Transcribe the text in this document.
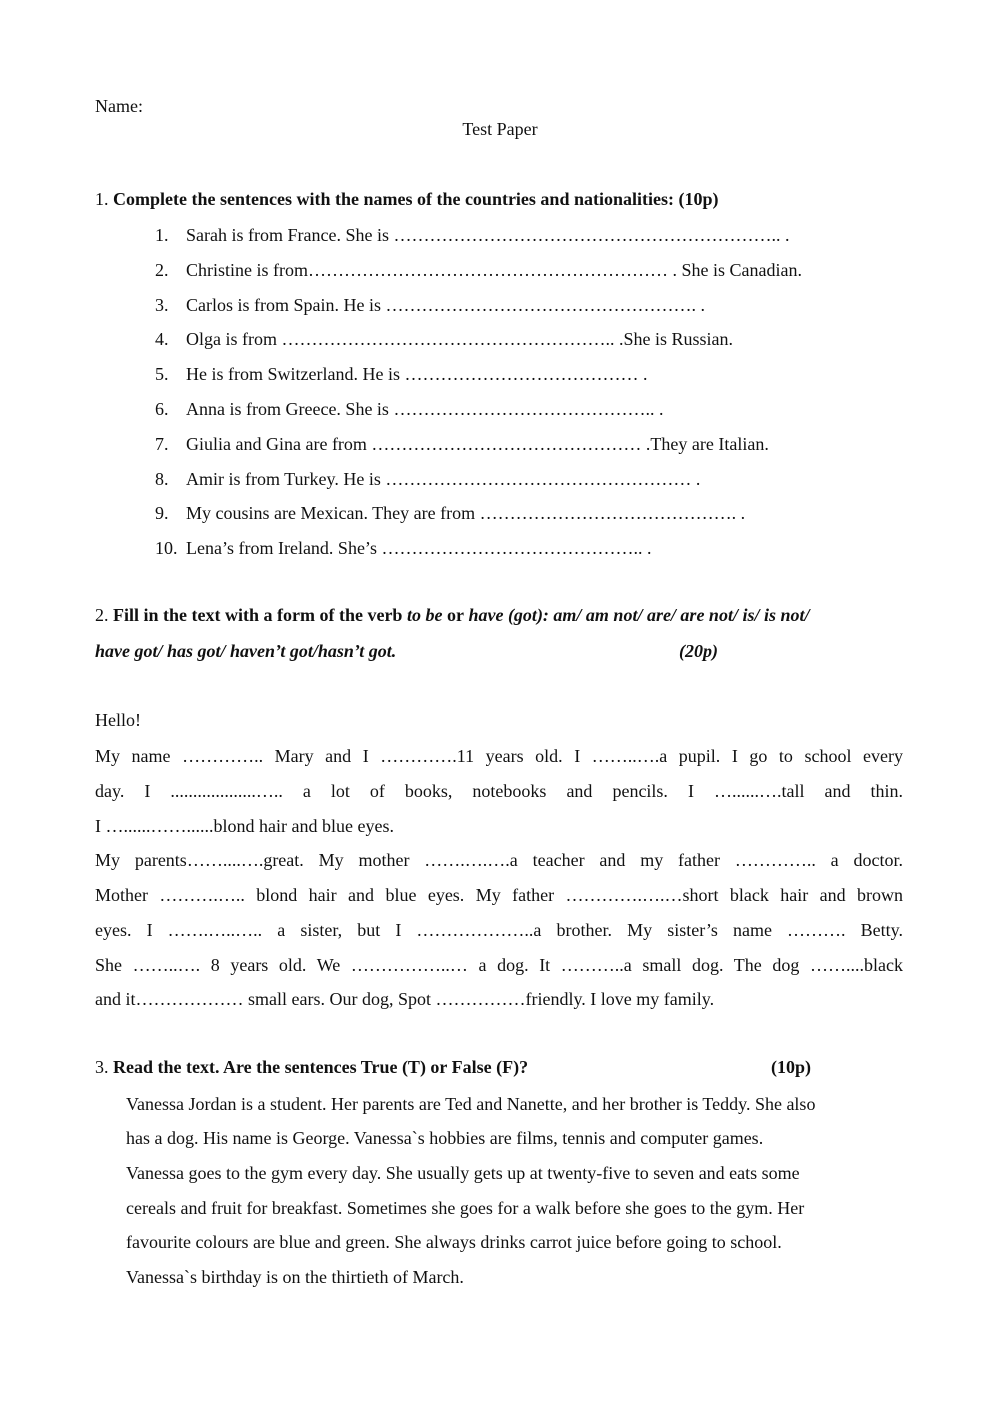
Name:
Test Paper
1. Complete the sentences with the names of the countries and nationalities: (10p)
1. Sarah is from France. She is ……………………………………………………….. .
2. Christine is from…………………………………………………… . She is Canadian.
3. Carlos is from Spain. He is ……………………………………………. .
4. Olga is from ……………………………………………….. .She is Russian.
5. He is from Switzerland. He is ………………………………… .
6. Anna is from Greece. She is …………………………………….. .
7. Giulia and Gina are from ……………………………………… .They are Italian.
8. Amir is from Turkey. He is …………………………………………… .
9. My cousins are Mexican. They are from ……………………………………. .
10. Lena’s from Ireland. She’s …………………………………….. .
2. Fill in the text with a form of the verb to be or have (got): am/ am not/ are/ are not/ is/ is not/
have got/ has got/ haven’t got/hasn’t got.	(20p)
Hello!
My name ………….. Mary and I ………….11 years old. I ……..….a pupil. I go to school every
day. I ...................….. a lot of books, notebooks and pencils. I …......….tall and thin.
I …......……......blond hair and blue eyes.
My parents……....….great. My mother …….….….a teacher and my father ………….. a doctor.
Mother ……….….. blond hair and blue eyes. My father ………….….…short black hair and brown
eyes. I …….…..….. a sister, but I ………………..a brother. My sister’s name ………. Betty.
She ……..…. 8 years old. We ……………..… a dog. It ………..a small dog. The dog ……....black
and it……………… small ears. Our dog, Spot ……………friendly. I love my family.
3. Read the text. Are the sentences True (T) or False (F)?	(10p)
Vanessa Jordan is a student. Her parents are Ted and Nanette, and her brother is Teddy. She also
has a dog. His name is George. Vanessa`s hobbies are films, tennis and computer games.
Vanessa goes to the gym every day. She usually gets up at twenty-five to seven and eats some
cereals and fruit for breakfast. Sometimes she goes for a walk before she goes to the gym. Her
favourite colours are blue and green. She always drinks carrot juice before going to school.
Vanessa`s birthday is on the thirtieth of March.
